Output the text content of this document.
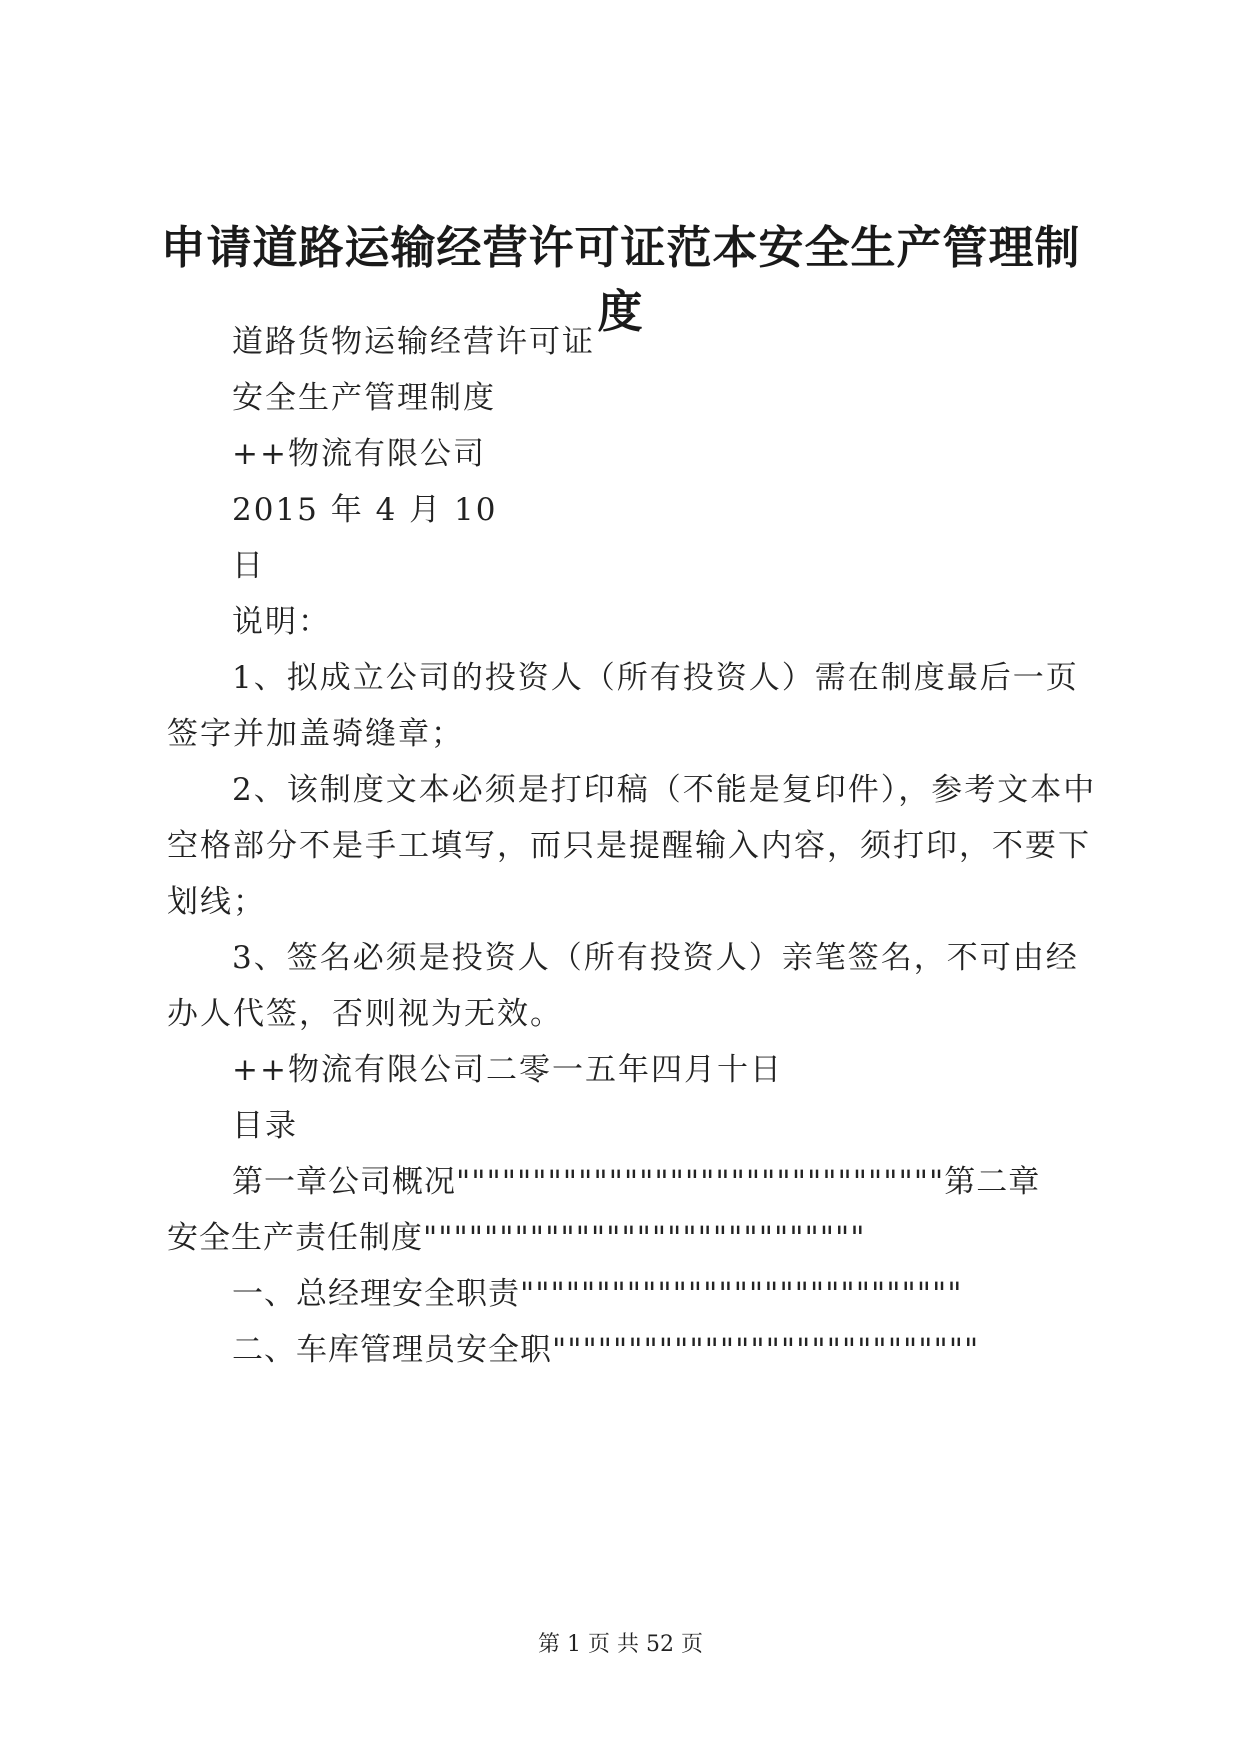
申请道路运输经营许可证范本安全生产管理制
度
道路货物运输经营许可证
安全生产管理制度
++物流有限公司
2015 年 4 月 10
日
说明：
1、拟成立公司的投资人（所有投资人）需在制度最后一页
签字并加盖骑缝章；
2、该制度文本必须是打印稿（不能是复印件），参考文本中
空格部分不是手工填写，而只是提醒输入内容，须打印，不要下
划线；
3、签名必须是投资人（所有投资人）亲笔签名，不可由经
办人代签，否则视为无效。
++物流有限公司二零一五年四月十日
目录
第一章公司概况""""""""""""""""""""""""""""""""第二章
安全生产责任制度"""""""""""""""""""""""""""""
一、总经理安全职责"""""""""""""""""""""""""""""
二、车库管理员安全职""""""""""""""""""""""""""""
第 1 页 共 52 页
